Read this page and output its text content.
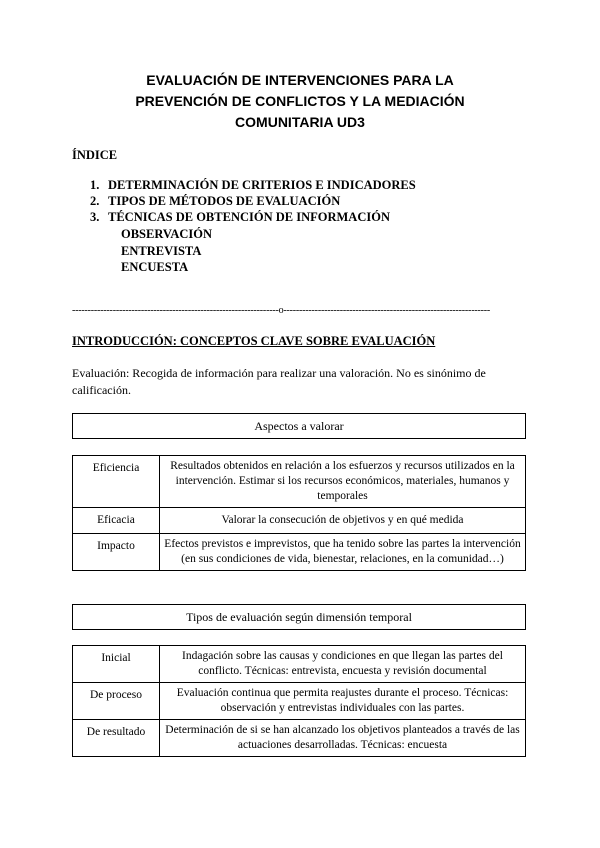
EVALUACIÓN DE INTERVENCIONES PARA LA
PREVENCIÓN DE CONFLICTOS Y LA MEDIACIÓN
COMUNITARIA UD3
ÍNDICE
1. DETERMINACIÓN DE CRITERIOS E INDICADORES
2. TIPOS DE MÉTODOS DE EVALUACIÓN
3. TÉCNICAS DE OBTENCIÓN DE INFORMACIÓN
OBSERVACIÓN
ENTREVISTA
ENCUESTA
------------------------------------------------------------------o------------------------------------------------------------------
INTRODUCCIÓN: CONCEPTOS CLAVE SOBRE EVALUACIÓN
Evaluación: Recogida de información para realizar una valoración. No es sinónimo de calificación.
Aspectos a valorar
Eficiencia	Resultados obtenidos en relación a los esfuerzos y recursos utilizados en la intervención. Estimar si los recursos económicos, materiales, humanos y temporales
Eficacia	Valorar la consecución de objetivos y en qué medida
Impacto	Efectos previstos e imprevistos, que ha tenido sobre las partes la intervención (en sus condiciones de vida, bienestar, relaciones, en la comunidad…)
Tipos de evaluación según dimensión temporal
Inicial	Indagación sobre las causas y condiciones en que llegan las partes del conflicto. Técnicas: entrevista, encuesta y revisión documental
De proceso	Evaluación continua que permita reajustes durante el proceso. Técnicas: observación y entrevistas individuales con las partes.
De resultado	Determinación de si se han alcanzado los objetivos planteados a través de las actuaciones desarrolladas. Técnicas: encuesta
